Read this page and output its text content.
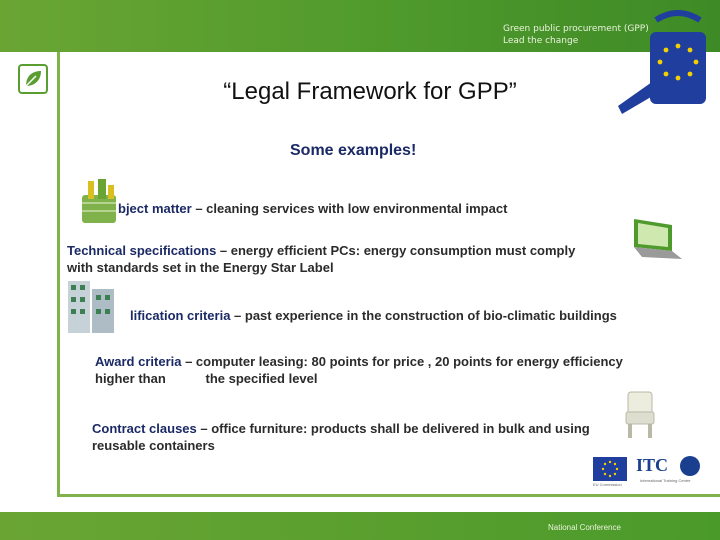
Green public procurement (GPP)
Lead the change
“Legal Framework for GPP”
Some examples!
bject matter – cleaning services with low environmental impact
Technical specifications – energy efficient PCs: energy consumption must comply
with standards set in the Energy Star Label
lification criteria – past experience in the construction of bio-climatic buildings
Award criteria – computer leasing: 80 points for price , 20 points for energy efficiency
higher than           the specified level
Contract clauses – office furniture: products shall be delivered in bulk and using
reusable containers
EU Commission
ITC
International Training Centre
National Conference
